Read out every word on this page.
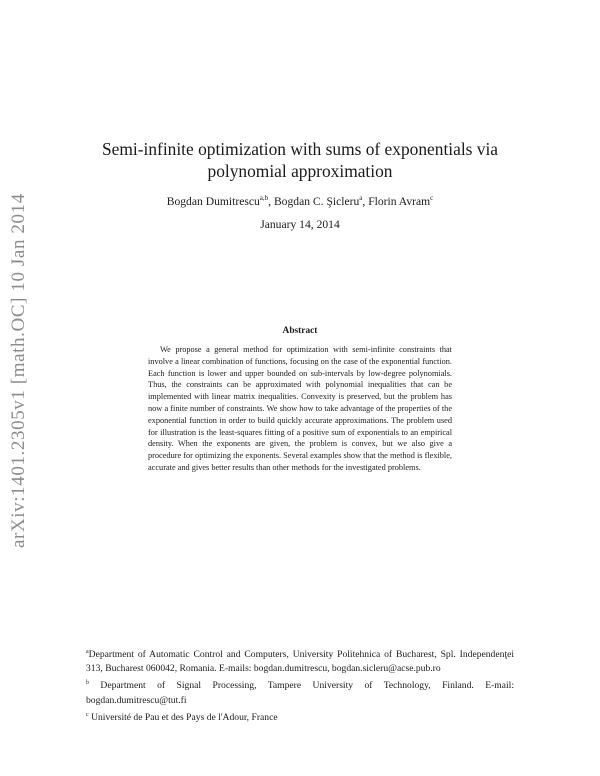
arXiv:1401.2305v1 [math.OC] 10 Jan 2014
Semi-infinite optimization with sums of exponentials via polynomial approximation
Bogdan Dumitrescu$^{a,b}$, Bogdan C. Şicleru$^a$, Florin Avram$^c$
January 14, 2014
Abstract
We propose a general method for optimization with semi-infinite constraints that involve a linear combination of functions, focusing on the case of the exponential function. Each function is lower and upper bounded on sub-intervals by low-degree polynomials. Thus, the constraints can be approximated with polynomial inequalities that can be implemented with linear matrix inequalities. Convexity is preserved, but the problem has now a finite number of constraints. We show how to take advantage of the properties of the exponential function in order to build quickly accurate approximations. The problem used for illustration is the least-squares fitting of a positive sum of exponentials to an empirical density. When the exponents are given, the problem is convex, but we also give a procedure for optimizing the exponents. Several examples show that the method is flexible, accurate and gives better results than other methods for the investigated problems.

$^a$Department of Automatic Control and Computers, University Politehnica of Bucharest, Spl. Independenţei 313, Bucharest 060042, Romania. E-mails: bogdan.dumitrescu, bogdan.sicleru@acse.pub.ro

$^b$ Department of Signal Processing, Tampere University of Technology, Finland. E-mail: bogdan.dumitrescu@tut.fi

$^c$ Université de Pau et des Pays de l'Adour, France
